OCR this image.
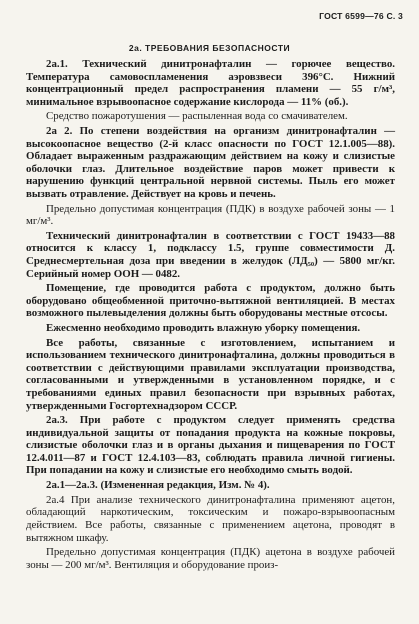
ГОСТ 6599—76 С. 3
2а. ТРЕБОВАНИЯ БЕЗОПАСНОСТИ

2а.1. Технический динитронафталин — горючее вещество. Температура самовоспламенения аэровзвеси 396°С. Нижний концентрационный предел распространения пламени — 55 г/м³, минимальное взрывоопасное содержание кислорода — 11% (об.).

Средство пожаротушения — распыленная вода со смачивателем.

2а 2. По степени воздействия на организм динитронафталин — высокоопасное вещество (2-й класс опасности по ГОСТ 12.1.005—88). Обладает выраженным раздражающим действием на кожу и слизистые оболочки глаз. Длительное воздействие паров может привести к нарушению функций центральной нервной системы. Пыль его может вызвать отравление. Действует на кровь и печень.

Предельно допустимая концентрация (ПДК) в воздухе рабочей зоны — 1 мг/м³.

Технический динитронафталин в соответствии с ГОСТ 19433—88 относится к классу 1, подклассу 1.5, группе совместимости Д. Среднесмертельная доза при введении в желудок (ЛД₅₀) — 5800 мг/кг. Серийный номер ООН — 0482.

Помещение, где проводится работа с продуктом, должно быть оборудовано общеобменной приточно-вытяжной вентиляцией. В местах возможного пылевыделения должны быть оборудованы местные отсосы.

Ежесменно необходимо проводить влажную уборку помещения.

Все работы, связанные с изготовлением, испытанием и использованием технического динитронафталина, должны проводиться в соответствии с действующими правилами эксплуатации производства, согласованными и утвержденными в установленном порядке, и с требованиями единых правил безопасности при взрывных работах, утвержденными Госгортехнадзором СССР.

2а.3. При работе с продуктом следует применять средства индивидуальной защиты от попадания продукта на кожные покровы, слизистые оболочки глаз и в органы дыхания и пищеварения по ГОСТ 12.4.011—87 и ГОСТ 12.4.103—83, соблюдать правила личной гигиены. При попадании на кожу и слизистые его необходимо смыть водой.

2а.1—2а.3. (Измененная редакция, Изм. № 4).

2а.4 При анализе технического динитронафталина применяют ацетон, обладающий наркотическим, токсическим и пожаро-взрывоопасным действием. Все работы, связанные с применением ацетона, проводят в вытяжном шкафу.

Предельно допустимая концентрация (ПДК) ацетона в воздухе рабочей зоны — 200 мг/м³. Вентиляция и оборудование произ-
